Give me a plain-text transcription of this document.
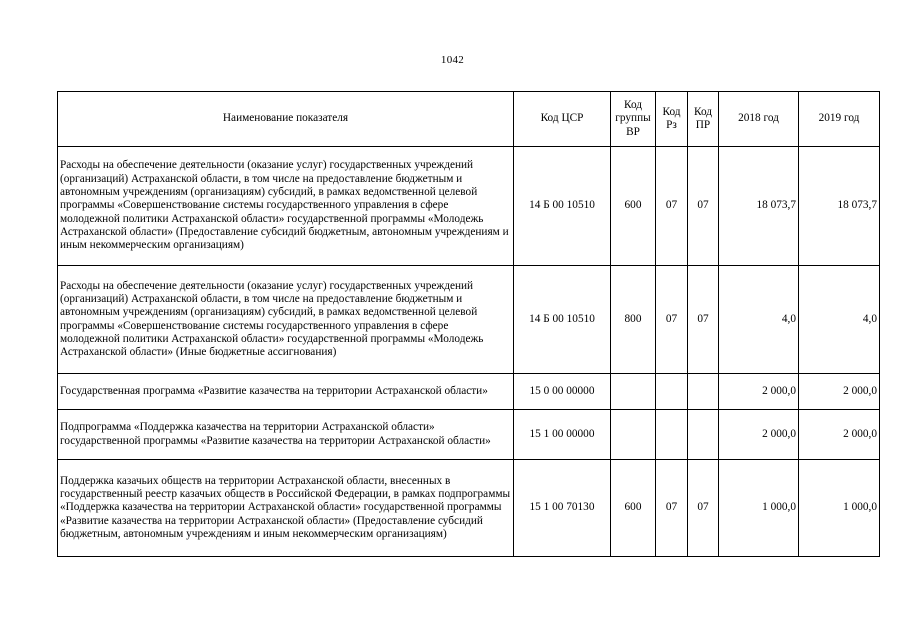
1042
Наименование показателя	Код ЦСР	Код группы ВР	Код Рз	Код ПР	2018 год	2019 год
Расходы на обеспечение деятельности (оказание услуг) государственных учреждений (организаций) Астраханской области, в том числе на предоставление бюджетным и автономным учреждениям (организациям) субсидий, в рамках ведомственной целевой программы «Совершенствование системы государственного управления в сфере молодежной политики Астраханской области» государственной программы «Молодежь Астраханской области» (Предоставление субсидий бюджетным, автономным учреждениям и иным некоммерческим организациям)	14 Б 00 10510	600	07	07	18 073,7	18 073,7
Расходы на обеспечение деятельности (оказание услуг) государственных учреждений (организаций) Астраханской области, в том числе на предоставление бюджетным и автономным учреждениям (организациям) субсидий, в рамках ведомственной целевой программы «Совершенствование системы государственного управления в сфере молодежной политики Астраханской области» государственной программы «Молодежь Астраханской области» (Иные бюджетные ассигнования)	14 Б 00 10510	800	07	07	4,0	4,0
Государственная программа «Развитие казачества на территории Астраханской области»	15 0 00 00000				2 000,0	2 000,0
Подпрограмма «Поддержка казачества на территории Астраханской области» государственной программы «Развитие казачества на территории Астраханской области»	15 1 00 00000				2 000,0	2 000,0
Поддержка казачьих обществ на территории Астраханской области, внесенных в государственный реестр казачьих обществ в Российской Федерации, в рамках подпрограммы «Поддержка казачества на территории Астраханской области» государственной программы «Развитие казачества на территории Астраханской области» (Предоставление субсидий бюджетным, автономным учреждениям и иным некоммерческим организациям)	15 1 00 70130	600	07	07	1 000,0	1 000,0
